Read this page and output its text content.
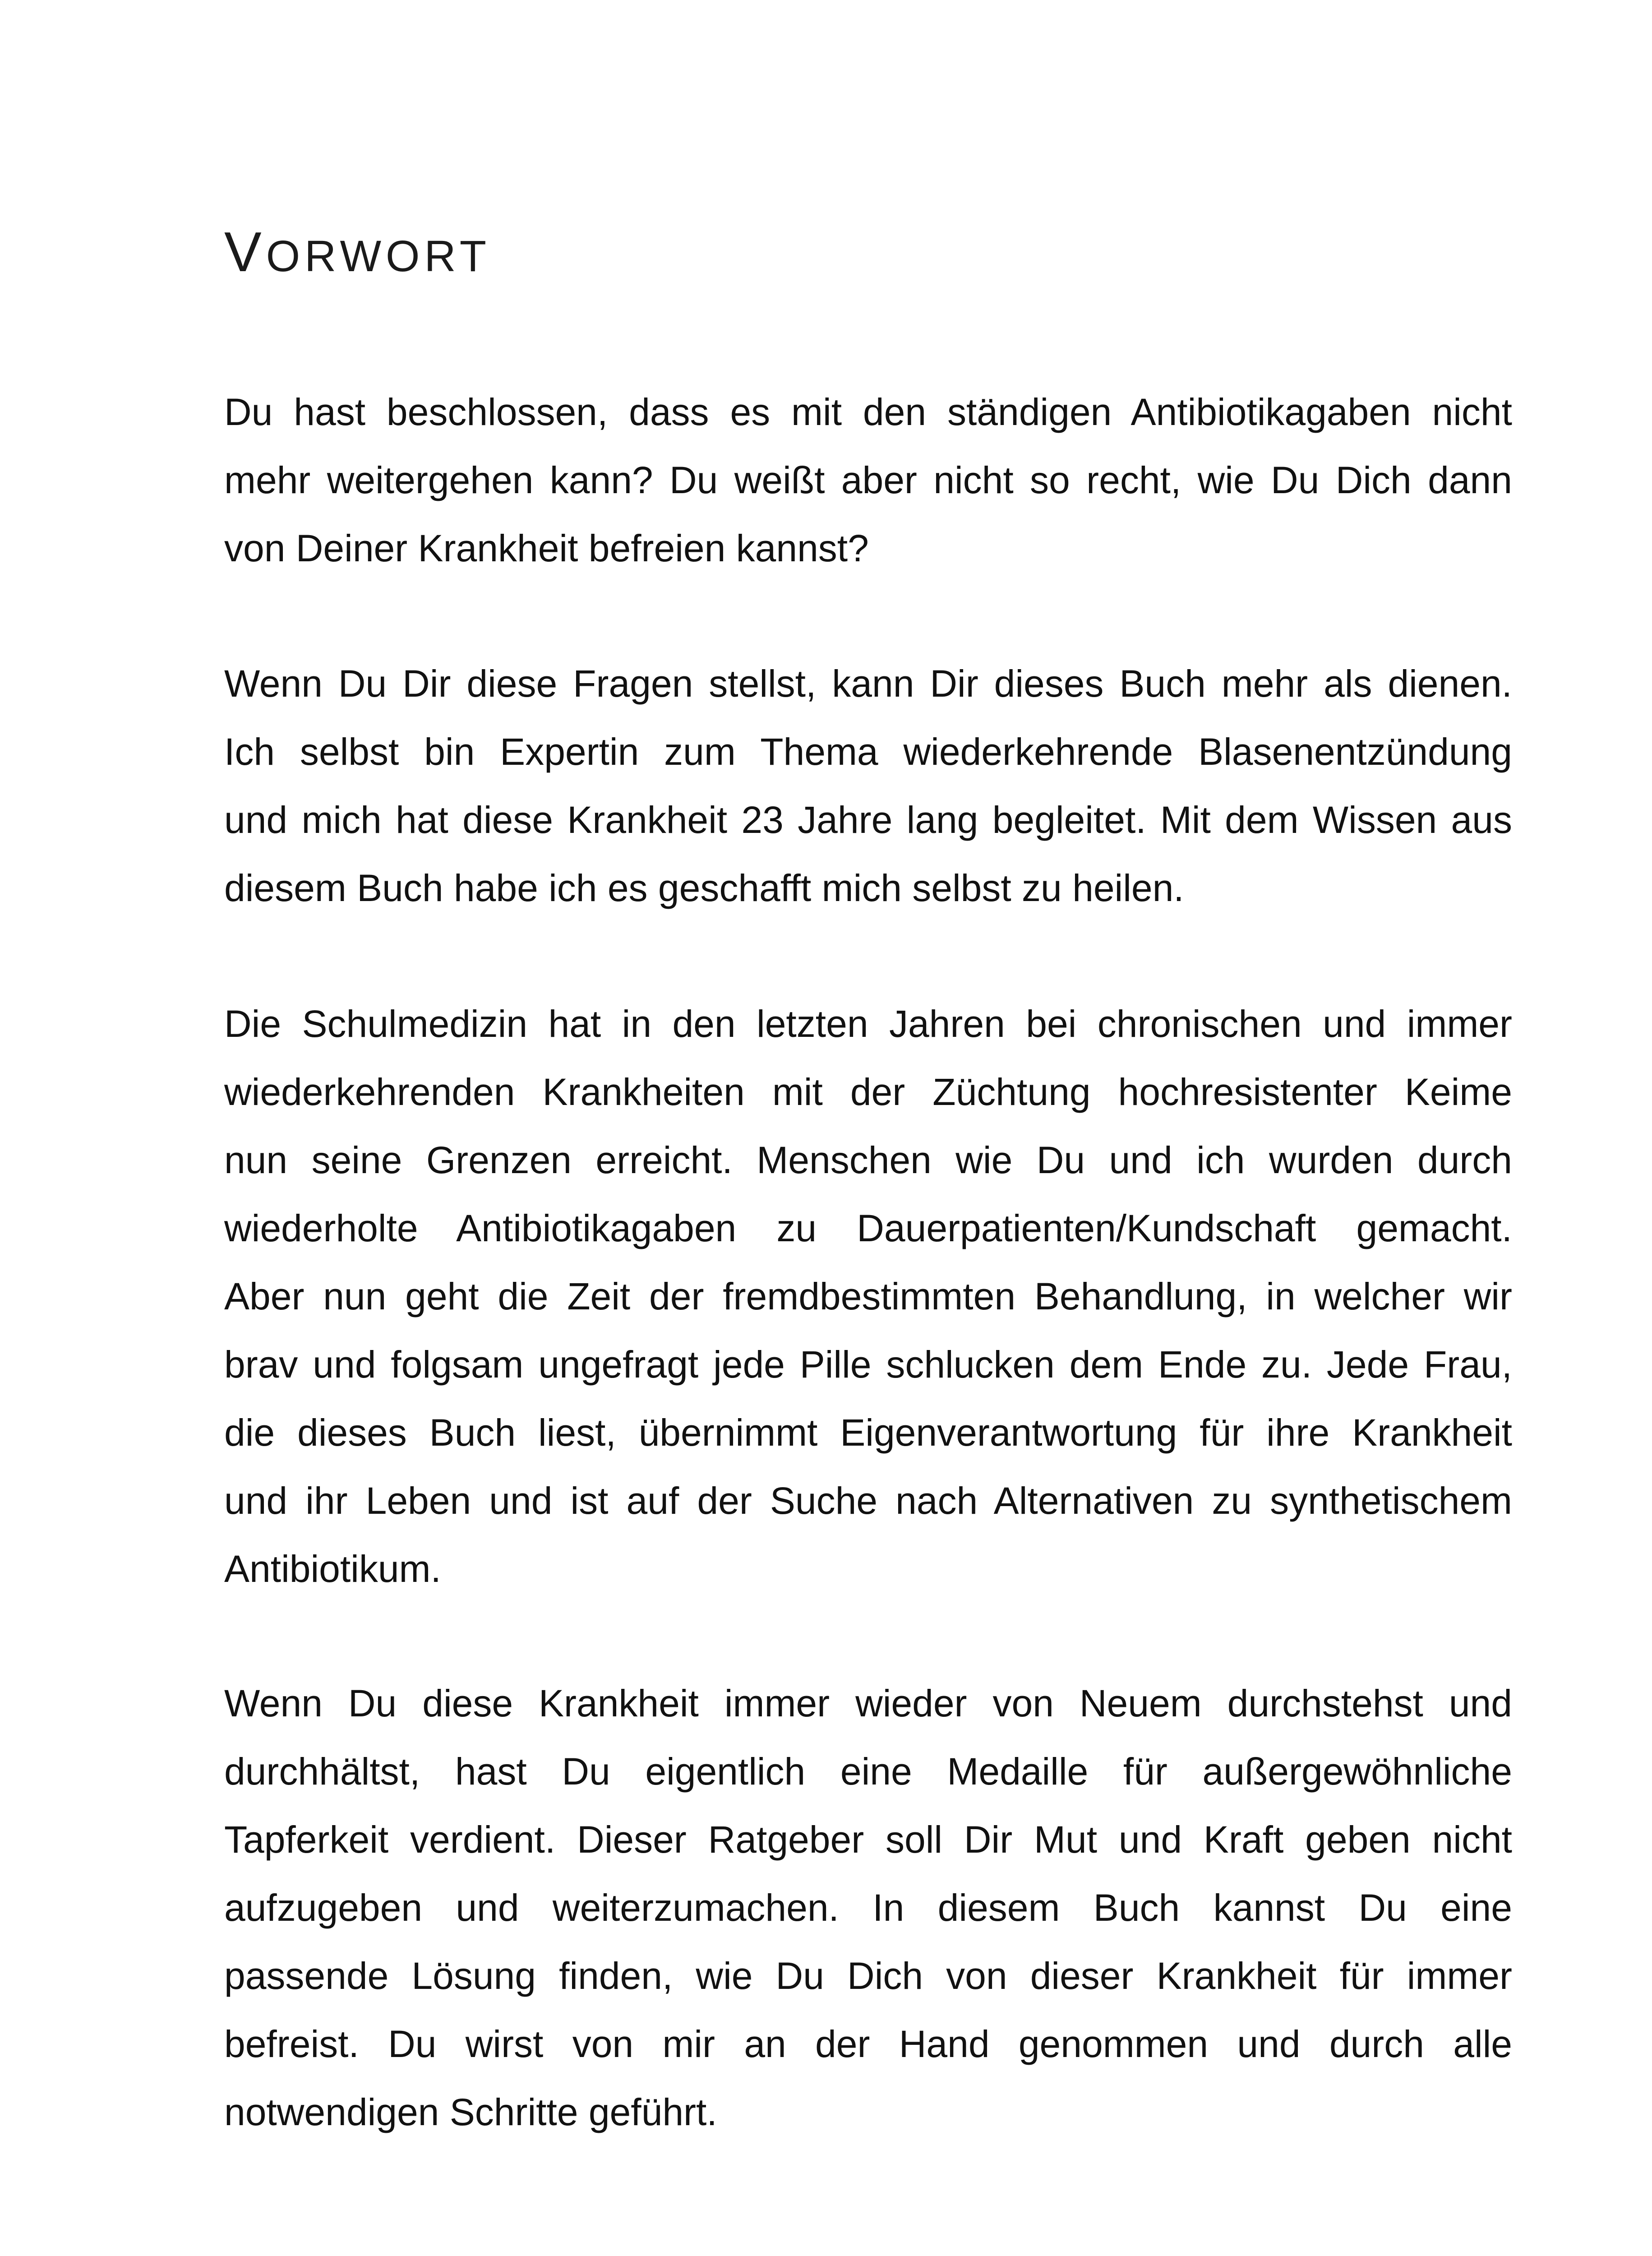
VORWORT

Du hast beschlossen, dass es mit den ständigen Antibiotikagaben nicht
mehr weitergehen kann? Du weißt aber nicht so recht, wie Du Dich dann
von Deiner Krankheit befreien kannst?

Wenn Du Dir diese Fragen stellst, kann Dir dieses Buch mehr als dienen.
Ich selbst bin Expertin zum Thema wiederkehrende Blasenentzündung
und mich hat diese Krankheit 23 Jahre lang begleitet. Mit dem Wissen aus
diesem Buch habe ich es geschafft mich selbst zu heilen.

Die Schulmedizin hat in den letzten Jahren bei chronischen und immer
wiederkehrenden Krankheiten mit der Züchtung hochresistenter Keime
nun seine Grenzen erreicht. Menschen wie Du und ich wurden durch
wiederholte Antibiotikagaben zu Dauerpatienten/Kundschaft gemacht.
Aber nun geht die Zeit der fremdbestimmten Behandlung, in welcher wir
brav und folgsam ungefragt jede Pille schlucken dem Ende zu. Jede Frau,
die dieses Buch liest, übernimmt Eigenverantwortung für ihre Krankheit
und ihr Leben und ist auf der Suche nach Alternativen zu synthetischem
Antibiotikum.

Wenn Du diese Krankheit immer wieder von Neuem durchstehst und
durchhältst, hast Du eigentlich eine Medaille für außergewöhnliche
Tapferkeit verdient. Dieser Ratgeber soll Dir Mut und Kraft geben nicht
aufzugeben und weiterzumachen. In diesem Buch kannst Du eine
passende Lösung finden, wie Du Dich von dieser Krankheit für immer
befreist. Du wirst von mir an der Hand genommen und durch alle
notwendigen Schritte geführt.
